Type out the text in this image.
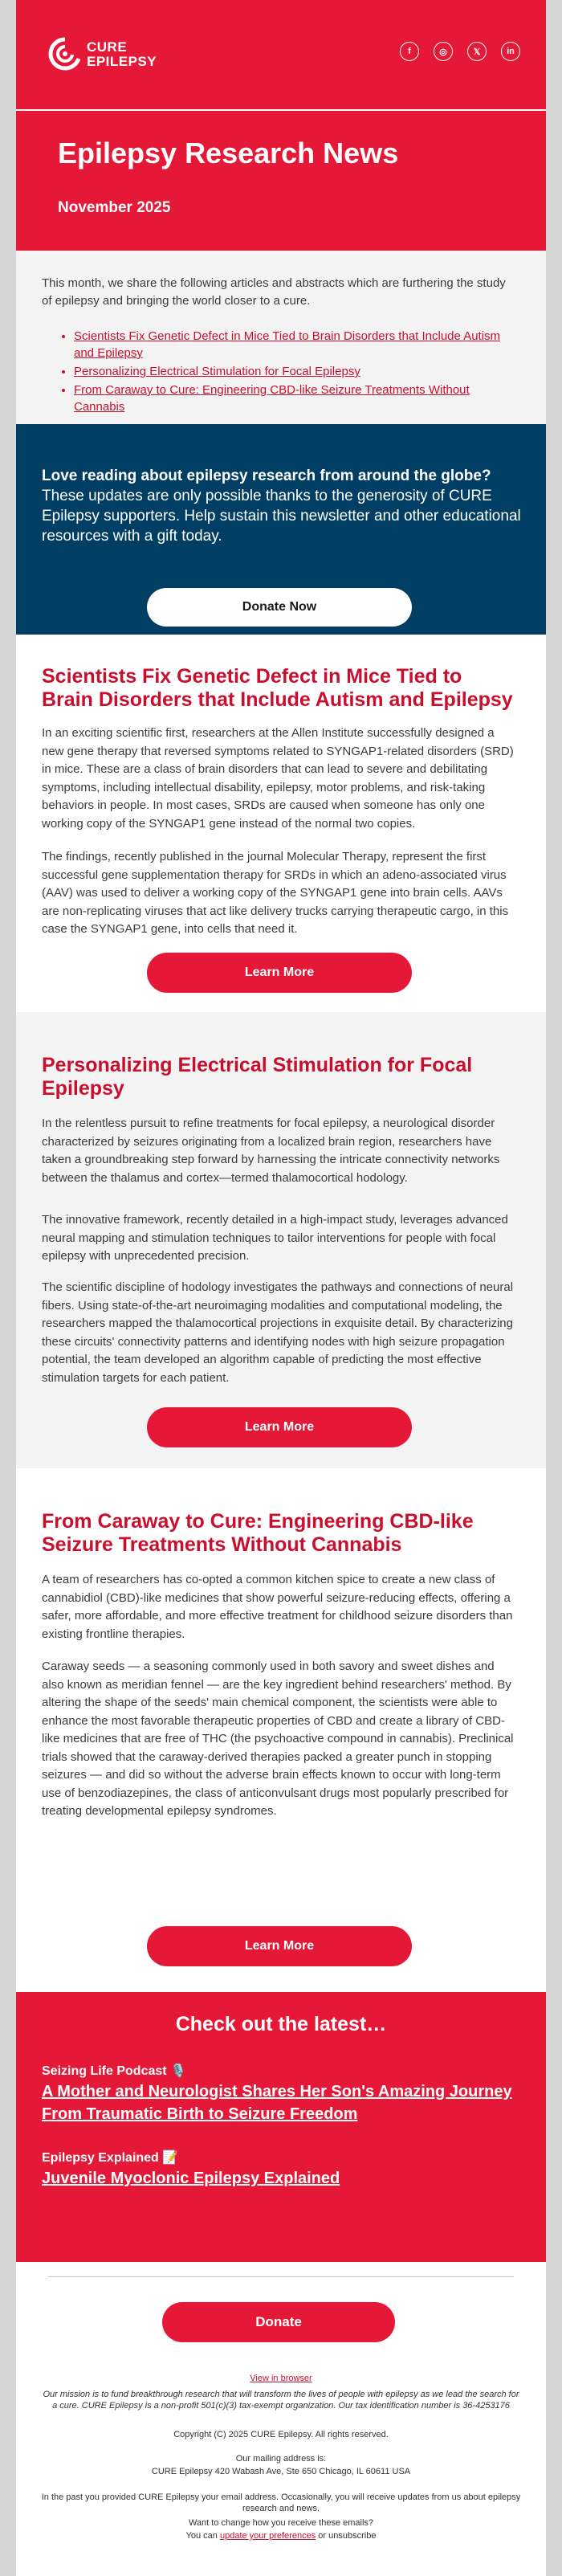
CURE
EPILEPSY
f	◎	𝕏	in
Epilepsy Research News

November 2025

This month, we share the following articles and abstracts which are furthering the study of epilepsy and bringing the world closer to a cure.

• Scientists Fix Genetic Defect in Mice Tied to Brain Disorders that Include Autism and Epilepsy
• Personalizing Electrical Stimulation for Focal Epilepsy
• From Caraway to Cure: Engineering CBD-like Seizure Treatments Without Cannabis

Love reading about epilepsy research from around the globe? These updates are only possible thanks to the generosity of CURE Epilepsy supporters. Help sustain this newsletter and other educational resources with a gift today.

Donate Now
Scientists Fix Genetic Defect in Mice Tied to Brain Disorders that Include Autism and Epilepsy

In an exciting scientific first, researchers at the Allen Institute successfully designed a new gene therapy that reversed symptoms related to SYNGAP1-related disorders (SRD) in mice. These are a class of brain disorders that can lead to severe and debilitating symptoms, including intellectual disability, epilepsy, motor problems, and risk-taking behaviors in people. In most cases, SRDs are caused when someone has only one working copy of the SYNGAP1 gene instead of the normal two copies.

The findings, recently published in the journal Molecular Therapy, represent the first successful gene supplementation therapy for SRDs in which an adeno-associated virus (AAV) was used to deliver a working copy of the SYNGAP1 gene into brain cells. AAVs are non-replicating viruses that act like delivery trucks carrying therapeutic cargo, in this case the SYNGAP1 gene, into cells that need it.

Learn More
Personalizing Electrical Stimulation for Focal Epilepsy

In the relentless pursuit to refine treatments for focal epilepsy, a neurological disorder characterized by seizures originating from a localized brain region, researchers have taken a groundbreaking step forward by harnessing the intricate connectivity networks between the thalamus and cortex—termed thalamocortical hodology.

The innovative framework, recently detailed in a high-impact study, leverages advanced neural mapping and stimulation techniques to tailor interventions for people with focal epilepsy with unprecedented precision.

The scientific discipline of hodology investigates the pathways and connections of neural fibers. Using state-of-the-art neuroimaging modalities and computational modeling, the researchers mapped the thalamocortical projections in exquisite detail. By characterizing these circuits' connectivity patterns and identifying nodes with high seizure propagation potential, the team developed an algorithm capable of predicting the most effective stimulation targets for each patient.

Learn More
From Caraway to Cure: Engineering CBD-like Seizure Treatments Without Cannabis

A team of researchers has co-opted a common kitchen spice to create a new class of cannabidiol (CBD)-like medicines that show powerful seizure-reducing effects, offering a safer, more affordable, and more effective treatment for childhood seizure disorders than existing frontline therapies.

Caraway seeds — a seasoning commonly used in both savory and sweet dishes and also known as meridian fennel — are the key ingredient behind researchers' method. By altering the shape of the seeds' main chemical component, the scientists were able to enhance the most favorable therapeutic properties of CBD and create a library of CBD-like medicines that are free of THC (the psychoactive compound in cannabis). Preclinical trials showed that the caraway-derived therapies packed a greater punch in stopping seizures — and did so without the adverse brain effects known to occur with long-term use of benzodiazepines, the class of anticonvulsant drugs most popularly prescribed for treating developmental epilepsy syndromes.

Learn More
Check out the latest…

Seizing Life Podcast 🎙️

A Mother and Neurologist Shares Her Son's Amazing Journey From Traumatic Birth to Seizure Freedom

Epilepsy Explained 📝

Juvenile Myoclonic Epilepsy Explained

Donate

View in browser

Our mission is to fund breakthrough research that will transform the lives of people with epilepsy as we lead the search for a cure. CURE Epilepsy is a non-profit 501(c)(3) tax-exempt organization. Our tax identification number is 36-4253176

Copyright (C) 2025 CURE Epilepsy. All rights reserved.

Our mailing address is:

CURE Epilepsy 420 Wabash Ave, Ste 650 Chicago, IL 60611 USA

In the past you provided CURE Epilepsy your email address. Occasionally, you will receive updates from us about epilepsy research and news.

Want to change how you receive these emails?

You can update your preferences or unsubscribe
